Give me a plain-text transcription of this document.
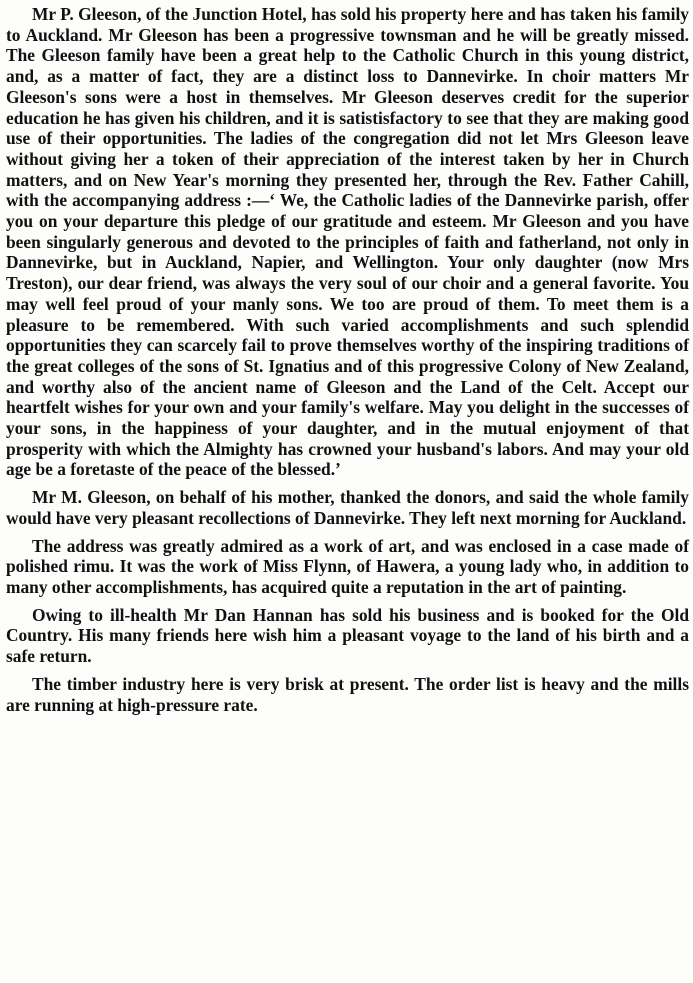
Mr P. Gleeson, of the Junction Hotel, has sold his property here and has taken his family to Auckland. Mr Gleeson has been a progressive townsman and he will be greatly missed. The Gleeson family have been a great help to the Catholic Church in this young district, and, as a matter of fact, they are a distinct loss to Dannevirke. In choir matters Mr Gleeson's sons were a host in themselves. Mr Gleeson deserves credit for the superior education he has given his children, and it is satistisfactory to see that they are making good use of their opportunities. The ladies of the congregation did not let Mrs Gleeson leave without giving her a token of their appreciation of the interest taken by her in Church matters, and on New Year's morning they presented her, through the Rev. Father Cahill, with the accompanying address :—‘ We, the Catholic ladies of the Dannevirke parish, offer you on your departure this pledge of our gratitude and esteem. Mr Gleeson and you have been singularly generous and devoted to the principles of faith and fatherland, not only in Dannevirke, but in Auckland, Napier, and Wellington. Your only daughter (now Mrs Treston), our dear friend, was always the very soul of our choir and a general favorite. You may well feel proud of your manly sons. We too are proud of them. To meet them is a pleasure to be remembered. With such varied accomplishments and such splendid opportunities they can scarcely fail to prove themselves worthy of the inspiring traditions of the great colleges of the sons of St. Ignatius and of this progressive Colony of New Zealand, and worthy also of the ancient name of Gleeson and the Land of the Celt. Accept our heartfelt wishes for your own and your family's welfare. May you delight in the successes of your sons, in the happiness of your daughter, and in the mutual enjoyment of that prosperity with which the Almighty has crowned your husband's labors. And may your old age be a foretaste of the peace of the blessed.’

Mr M. Gleeson, on behalf of his mother, thanked the donors, and said the whole family would have very pleasant recollections of Dannevirke. They left next morning for Auckland.

The address was greatly admired as a work of art, and was enclosed in a case made of polished rimu. It was the work of Miss Flynn, of Hawera, a young lady who, in addition to many other accomplishments, has acquired quite a reputation in the art of painting.

Owing to ill-health Mr Dan Hannan has sold his business and is booked for the Old Country. His many friends here wish him a pleasant voyage to the land of his birth and a safe return.

The timber industry here is very brisk at present. The order list is heavy and the mills are running at high-pressure rate.
